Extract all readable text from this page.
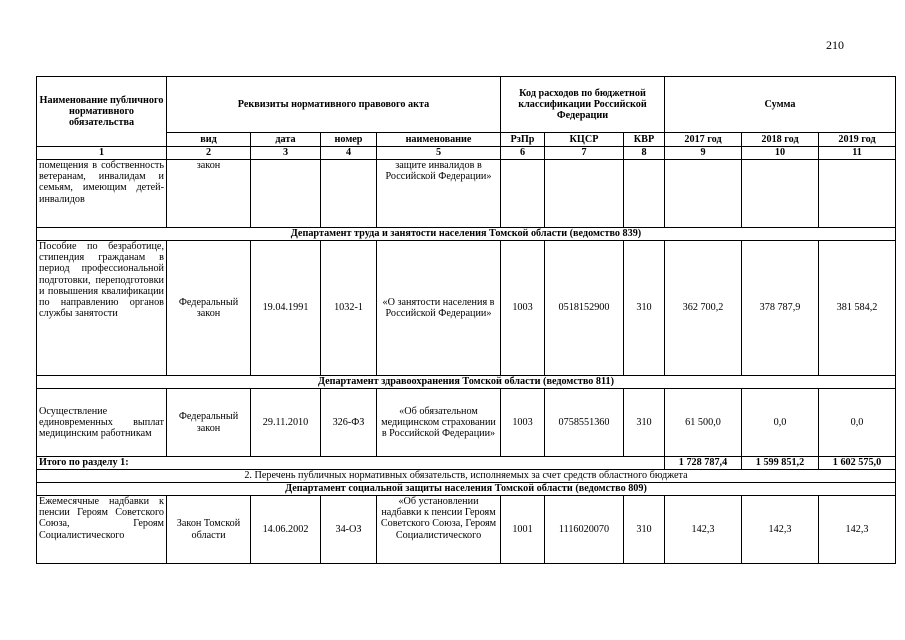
210
Наименование публичного нормативного обязательства	Реквизиты нормативного правового акта				Код расходов по бюджетной классификации Российской Федерации			Сумма		
	вид	дата	номер	наименование	РзПр	КЦСР	КВР	2017 год	2018 год	2019 год
1	2	3	4	5	6	7	8	9	10	11
помещения в собственность ветеранам, инвалидам и семьям, имеющим детей-инвалидов	закон			защите инвалидов в Российской Федерации»						
Департамент труда и занятости населения Томской области (ведомство 839)										
Пособие по безработице, стипендия гражданам в период профессиональной подготовки, переподготовки и повышения квалификации по направлению органов службы занятости	Федеральный закон	19.04.1991	1032-1	«О занятости населения в Российской Федерации»	1003	0518152900	310	362 700,2	378 787,9	381 584,2
Департамент здравоохранения Томской области (ведомство 811)										
Осуществление единовременных выплат медицинским работникам	Федеральный закон	29.11.2010	326-ФЗ	«Об обязательном медицинском страховании в Российской Федерации»	1003	0758551360	310	61 500,0	0,0	0,0
Итого по разделу 1:								1 728 787,4	1 599 851,2	1 602 575,0
2. Перечень публичных нормативных обязательств, исполняемых за счет средств областного бюджета										
Департамент социальной защиты населения Томской области (ведомство 809)										
Ежемесячные надбавки к пенсии Героям Советского Союза, Героям Социалистического	Закон Томской области	14.06.2002	34-ОЗ	«Об установлении надбавки к пенсии Героям Советского Союза, Героям Социалистического	1001	1116020070	310	142,3	142,3	142,3
